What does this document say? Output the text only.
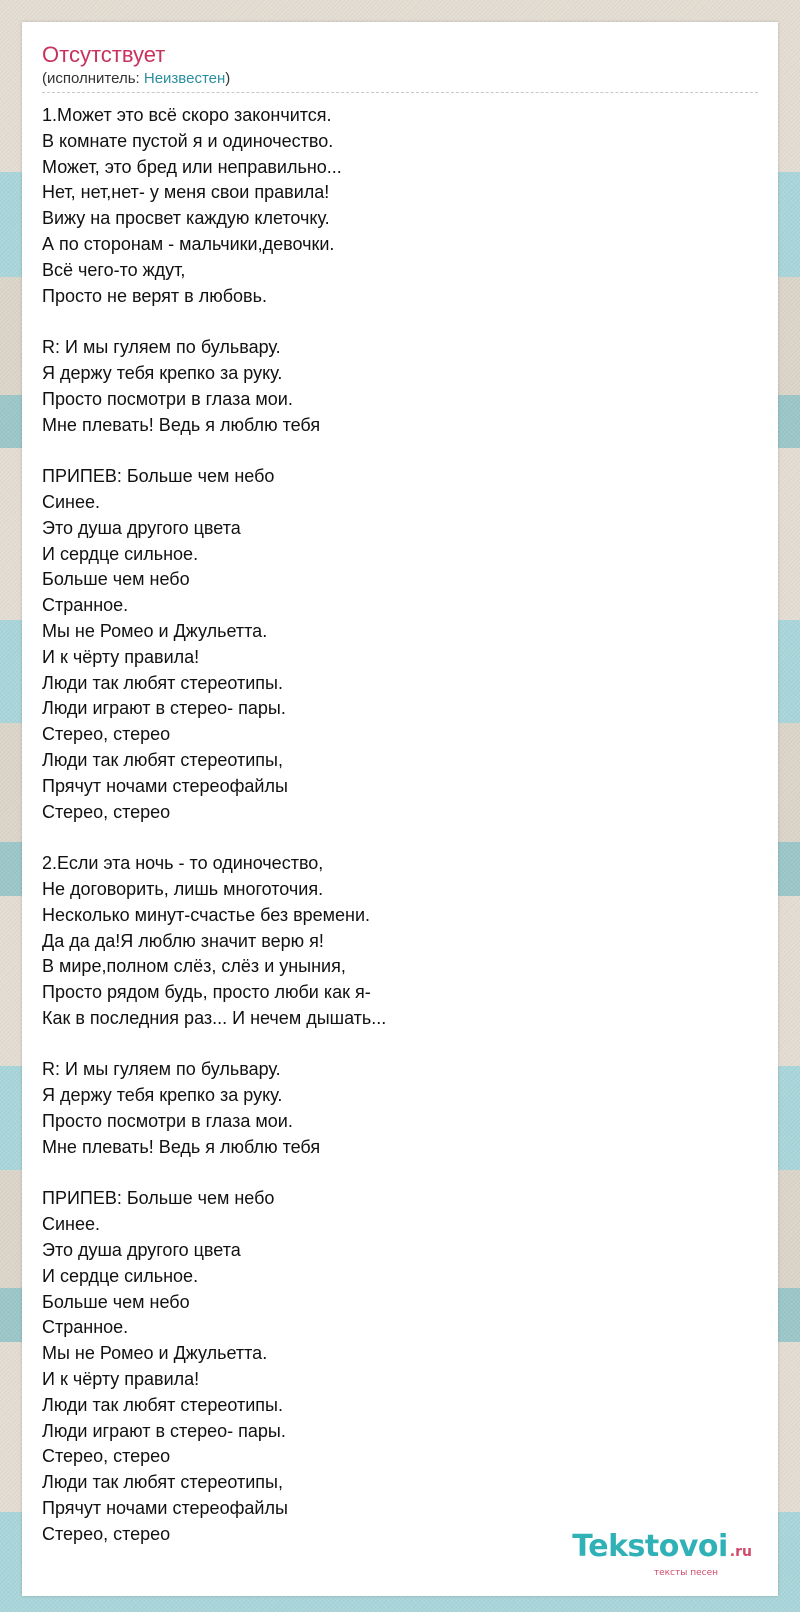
Отсутствует
(исполнитель: Неизвестен)
1.Может это всё скоро закончится.
В комнате пустой я и одиночество.
Может, это бред или неправильно...
Нет, нет,нет- у меня свои правила!
Вижу на просвет каждую клеточку.
А по сторонам - мальчики,девочки.
Всё чего-то ждут,
Просто не верят в любовь.
R: И мы гуляем по бульвару.
Я держу тебя крепко за руку.
Просто посмотри в глаза мои.
Мне плевать! Ведь я люблю тебя
ПРИПЕВ: Больше чем небо
Синее.
Это душа другого цвета
И сердце сильное.
Больше чем небо
Странное.
Мы не Ромео и Джульетта.
И к чёрту правила!
Люди так любят стереотипы.
Люди играют в стерео- пары.
Стерео, стерео
Люди так любят стереотипы,
Прячут ночами стереофайлы
Стерео, стерео
2.Если эта ночь - то одиночество,
Не договорить, лишь многоточия.
Несколько минут-счастье без времени.
Да да да!Я люблю значит верю я!
В мире,полном слёз, слёз и уныния,
Просто рядом будь, просто люби как я-
Как в последния раз... И нечем дышать...
R: И мы гуляем по бульвару.
Я держу тебя крепко за руку.
Просто посмотри в глаза мои.
Мне плевать! Ведь я люблю тебя
ПРИПЕВ: Больше чем небо
Синее.
Это душа другого цвета
И сердце сильное.
Больше чем небо
Странное.
Мы не Ромео и Джульетта.
И к чёрту правила!
Люди так любят стереотипы.
Люди играют в стерео- пары.
Стерео, стерео
Люди так любят стереотипы,
Прячут ночами стереофайлы
Стерео, стерео	Tekstovoi .ru
тексты песен
